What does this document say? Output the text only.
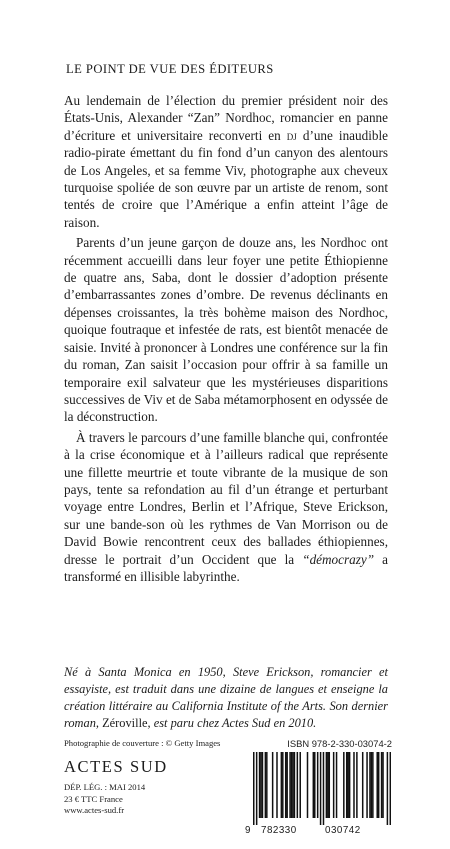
LE POINT DE VUE DES ÉDITEURS

Au lendemain de l’élection du premier président noir des États-Unis, Alexander “Zan” Nordhoc, romancier en panne d’écriture et universitaire reconverti en dj d’une inaudible radio-pirate émettant du fin fond d’un canyon des alentours de Los Angeles, et sa femme Viv, photographe aux cheveux turquoise spoliée de son œuvre par un artiste de renom, sont tentés de croire que l’Amérique a enfin atteint l’âge de raison.

Parents d’un jeune garçon de douze ans, les Nordhoc ont récemment accueilli dans leur foyer une petite Éthiopienne de quatre ans, Saba, dont le dossier d’adoption présente d’embarrassantes zones d’ombre. De revenus déclinants en dépenses croissantes, la très bohème maison des Nordhoc, quoique foutraque et infestée de rats, est bientôt menacée de saisie. Invité à prononcer à Londres une conférence sur la fin du roman, Zan saisit l’occasion pour offrir à sa famille un temporaire exil salvateur que les mystérieuses disparitions successives de Viv et de Saba métamorphosent en odyssée de la déconstruction.

À travers le parcours d’une famille blanche qui, confrontée à la crise économique et à l’ailleurs radical que représente une fillette meurtrie et toute vibrante de la musique de son pays, tente sa refondation au fil d’un étrange et perturbant voyage entre Londres, Berlin et l’Afrique, Steve Erickson, sur une bande-son où les rythmes de Van Morrison ou de David Bowie rencontrent ceux des ballades éthiopiennes, dresse le portrait d’un Occident que la “démocrazy” a transformé en illisible labyrinthe.

Né à Santa Monica en 1950, Steve Erickson, romancier et essayiste, est traduit dans une dizaine de langues et enseigne la création littéraire au California Institute of the Arts. Son dernier roman, Zéroville, est paru chez Actes Sud en 2010.
Photographie de couverture : © Getty Images
ACTES SUD
DÉP. LÉG. : MAI 2014
23 € TTC France
www.actes-sud.fr
ISBN 978-2-330-03074-2
9 782330	030742
